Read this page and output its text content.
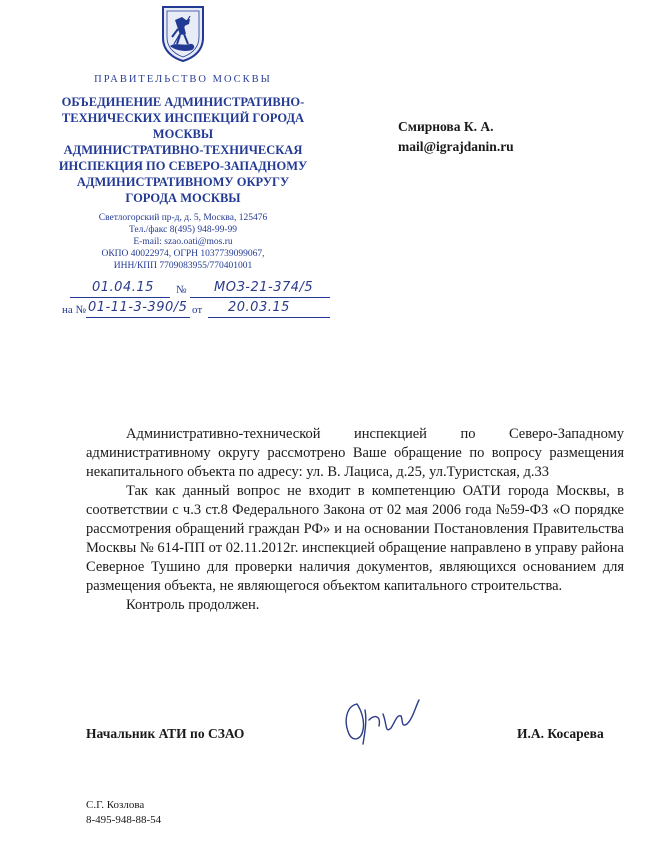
ПРАВИТЕЛЬСТВО МОСКВЫ
ОБЪЕДИНЕНИЕ АДМИНИСТРАТИВНО-
ТЕХНИЧЕСКИХ ИНСПЕКЦИЙ ГОРОДА
МОСКВЫ
АДМИНИСТРАТИВНО-ТЕХНИЧЕСКАЯ
ИНСПЕКЦИЯ ПО СЕВЕРО-ЗАПАДНОМУ
АДМИНИСТРАТИВНОМУ ОКРУГУ
ГОРОДА МОСКВЫ
Светлогорский пр-д, д. 5, Москва, 125476
Тел./факс 8(495) 948-99-99
E-mail: szao.oati@mos.ru
ОКПО 40022974, ОГРН 1037739099067,
ИНН/КПП 7709083955/770401001
Смирнова К. А.
mail@igrajdanin.ru
01.04.15 № МОЗ-21-374/5
на № 01-11-3-390/5 от 20.03.15

Административно-технической инспекцией по Северо-Западному административному округу рассмотрено Ваше обращение по вопросу размещения некапитального объекта по адресу: ул. В. Лациса, д.25, ул.Туристская, д.33

Так как данный вопрос не входит в компетенцию ОАТИ города Москвы, в соответствии с ч.3 ст.8 Федерального Закона от 02 мая 2006 года №59-ФЗ «О порядке рассмотрения обращений граждан РФ» и на основании Постановления Правительства Москвы № 614-ПП от 02.11.2012г. инспекцией обращение направлено в управу района Северное Тушино для проверки наличия документов, являющихся основанием для размещения объекта, не являющегося объектом капитального строительства.

Контроль продолжен.

Начальник АТИ по СЗАО	И.А. Косарева
С.Г. Козлова
8-495-948-88-54
